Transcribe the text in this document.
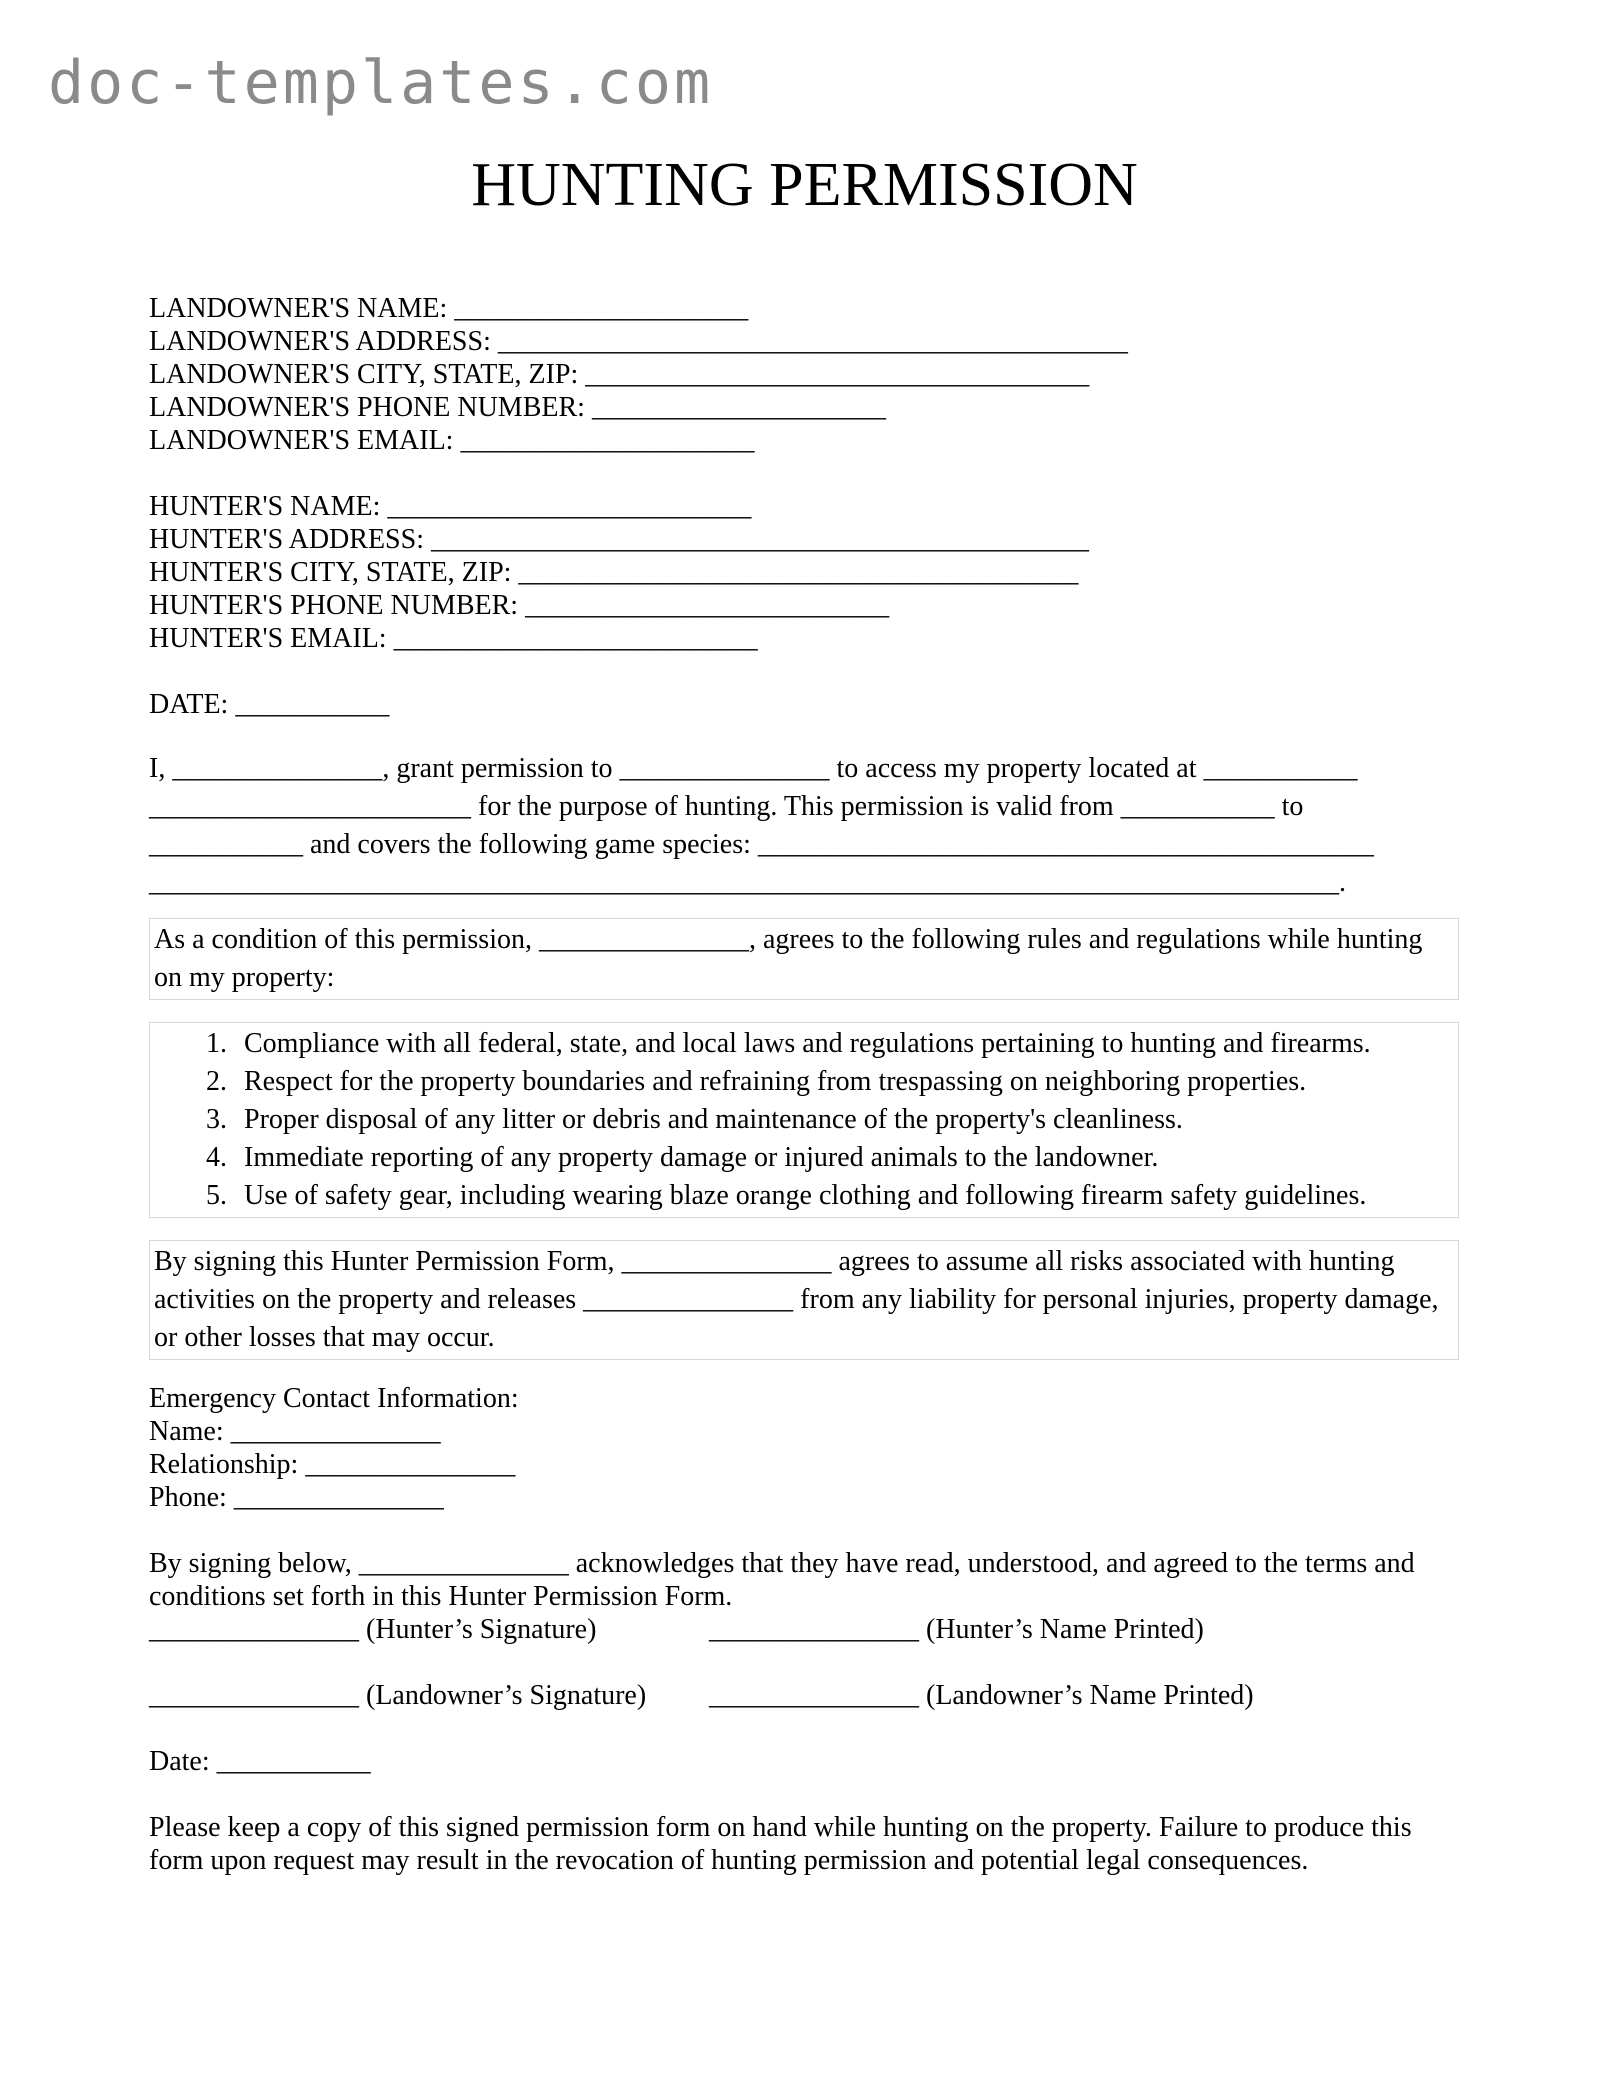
doc-templates.com
HUNTING PERMISSION
LANDOWNER'S NAME: _____________________
LANDOWNER'S ADDRESS: _____________________________________________
LANDOWNER'S CITY, STATE, ZIP: ____________________________________
LANDOWNER'S PHONE NUMBER: _____________________
LANDOWNER'S EMAIL: _____________________
HUNTER'S NAME: __________________________
HUNTER'S ADDRESS: _______________________________________________
HUNTER'S CITY, STATE, ZIP: ________________________________________
HUNTER'S PHONE NUMBER: __________________________
HUNTER'S EMAIL: __________________________
DATE: ___________

I, _______________, grant permission to _______________ to access my property located at ___________ _______________________ for the purpose of hunting. This permission is valid from ___________ to ___________ and covers the following game species: ____________________________________________ _____________________________________________________________________________________.

As a condition of this permission, _______________, agrees to the following rules and regulations while hunting on my property:

1. Compliance with all federal, state, and local laws and regulations pertaining to hunting and firearms.
2. Respect for the property boundaries and refraining from trespassing on neighboring properties.
3. Proper disposal of any litter or debris and maintenance of the property's cleanliness.
4. Immediate reporting of any property damage or injured animals to the landowner.
5. Use of safety gear, including wearing blaze orange clothing and following firearm safety guidelines.

By signing this Hunter Permission Form, _______________ agrees to assume all risks associated with hunting activities on the property and releases _______________ from any liability for personal injuries, property damage, or other losses that may occur.

Emergency Contact Information:
Name: _______________
Relationship: _______________
Phone: _______________

By signing below, _______________ acknowledges that they have read, understood, and agreed to the terms and conditions set forth in this Hunter Permission Form.

_______________ (Hunter’s Signature)	_______________ (Hunter’s Name Printed)
_______________ (Landowner’s Signature) _______________ (Landowner’s Name Printed)
Date: ___________

Please keep a copy of this signed permission form on hand while hunting on the property. Failure to produce this form upon request may result in the revocation of hunting permission and potential legal consequences.
